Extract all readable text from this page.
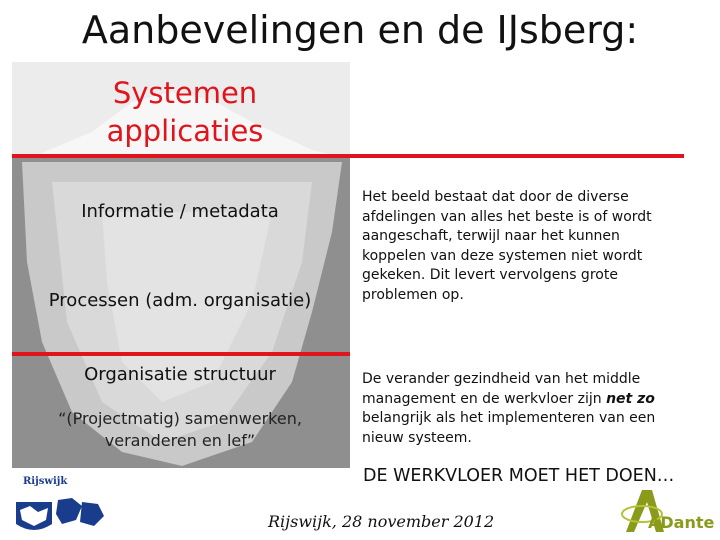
Aanbevelingen en de IJsberg:
Systemen
applicaties
Informatie / metadata
Processen (adm. organisatie)
Organisatie structuur
“(Projectmatig) samenwerken,
veranderen en lef”
Het beeld bestaat dat door de diverse afdelingen van alles het beste is of wordt aangeschaft, terwijl naar het kunnen koppelen van deze systemen niet wordt gekeken. Dit levert vervolgens grote problemen op.
De verander gezindheid van het middle management en de werkvloer zijn net zo belangrijk als het implementeren van een nieuw systeem.
DE WERKVLOER MOET HET DOEN…
Rijswijk, 28 november 2012
Rijswijk
ADante
